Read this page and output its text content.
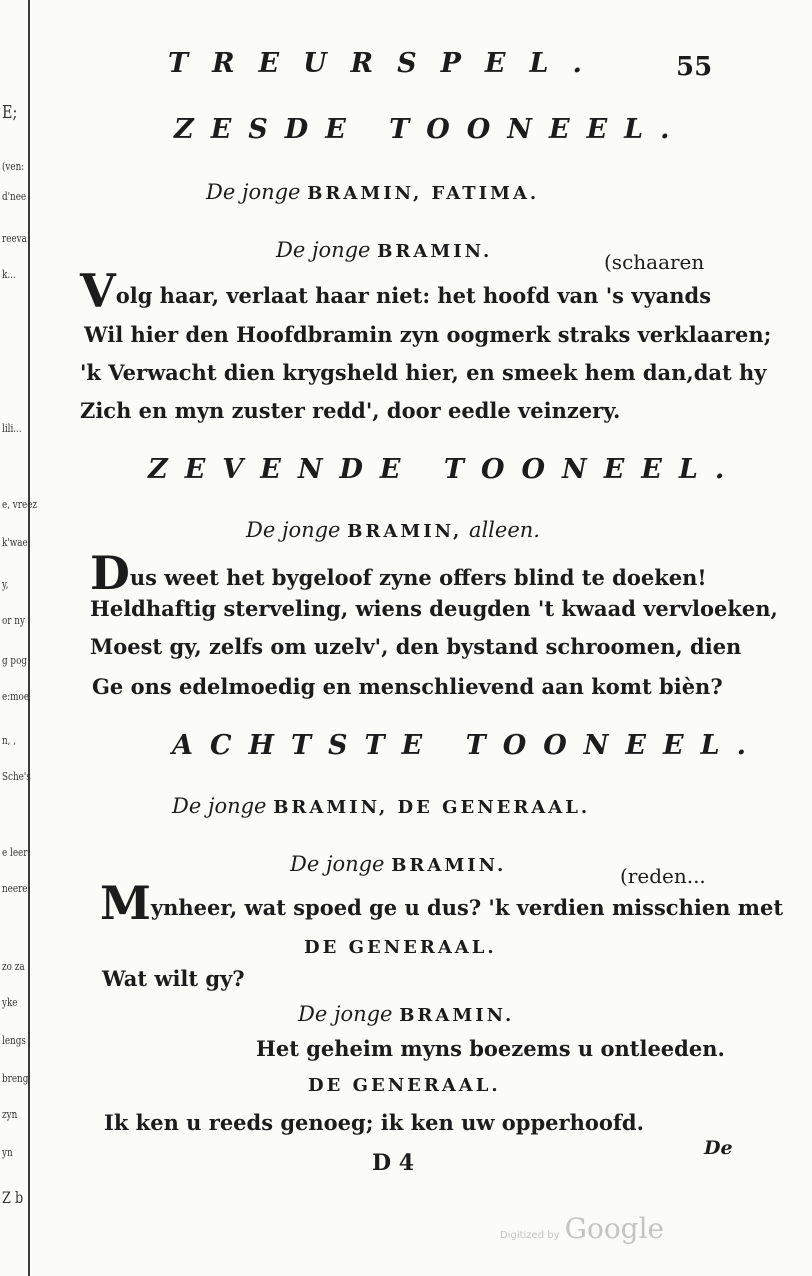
E;
(ven:
d'nee
reeva.
k...
lili...
e, vreez
k'wae:
y,
or ny
g pog
e:moe
n, ,
Sche's
e leer
neere:
zo za
yke
lengs
breng
zyn
yn
Z b
TREURSPEL.	55
ZESDE TOONEEL.
De jonge BRAMIN, FATIMA.
De jonge BRAMIN.	(schaaren
Volg haar, verlaat haar niet: het hoofd van 's vyands
Wil hier den Hoofdbramin zyn oogmerk straks verklaaren;
'k Verwacht dien krygsheld hier, en smeek hem dan,dat hy
Zich en myn zuster redd', door eedle veinzery.
ZEVENDE TOONEEL.
De jonge BRAMIN, alleen.
Dus weet het bygeloof zyne offers blind te doeken!
Heldhaftig sterveling, wiens deugden 't kwaad vervloeken,
Moest gy, zelfs om uzelv', den bystand schroomen, dien
Ge ons edelmoedig en menschlievend aan komt bièn?
ACHTSTE TOONEEL.
De jonge BRAMIN, DE GENERAAL.
De jonge BRAMIN.	(reden...
Mynheer, wat spoed ge u dus? 'k verdien misschien met
DE GENERAAL.
Wat wilt gy?
De jonge BRAMIN.
Het geheim myns boezems u ontleeden.
DE GENERAAL.
Ik ken u reeds genoeg; ik ken uw opperhoofd.
D 4
De
Digitized by Google
